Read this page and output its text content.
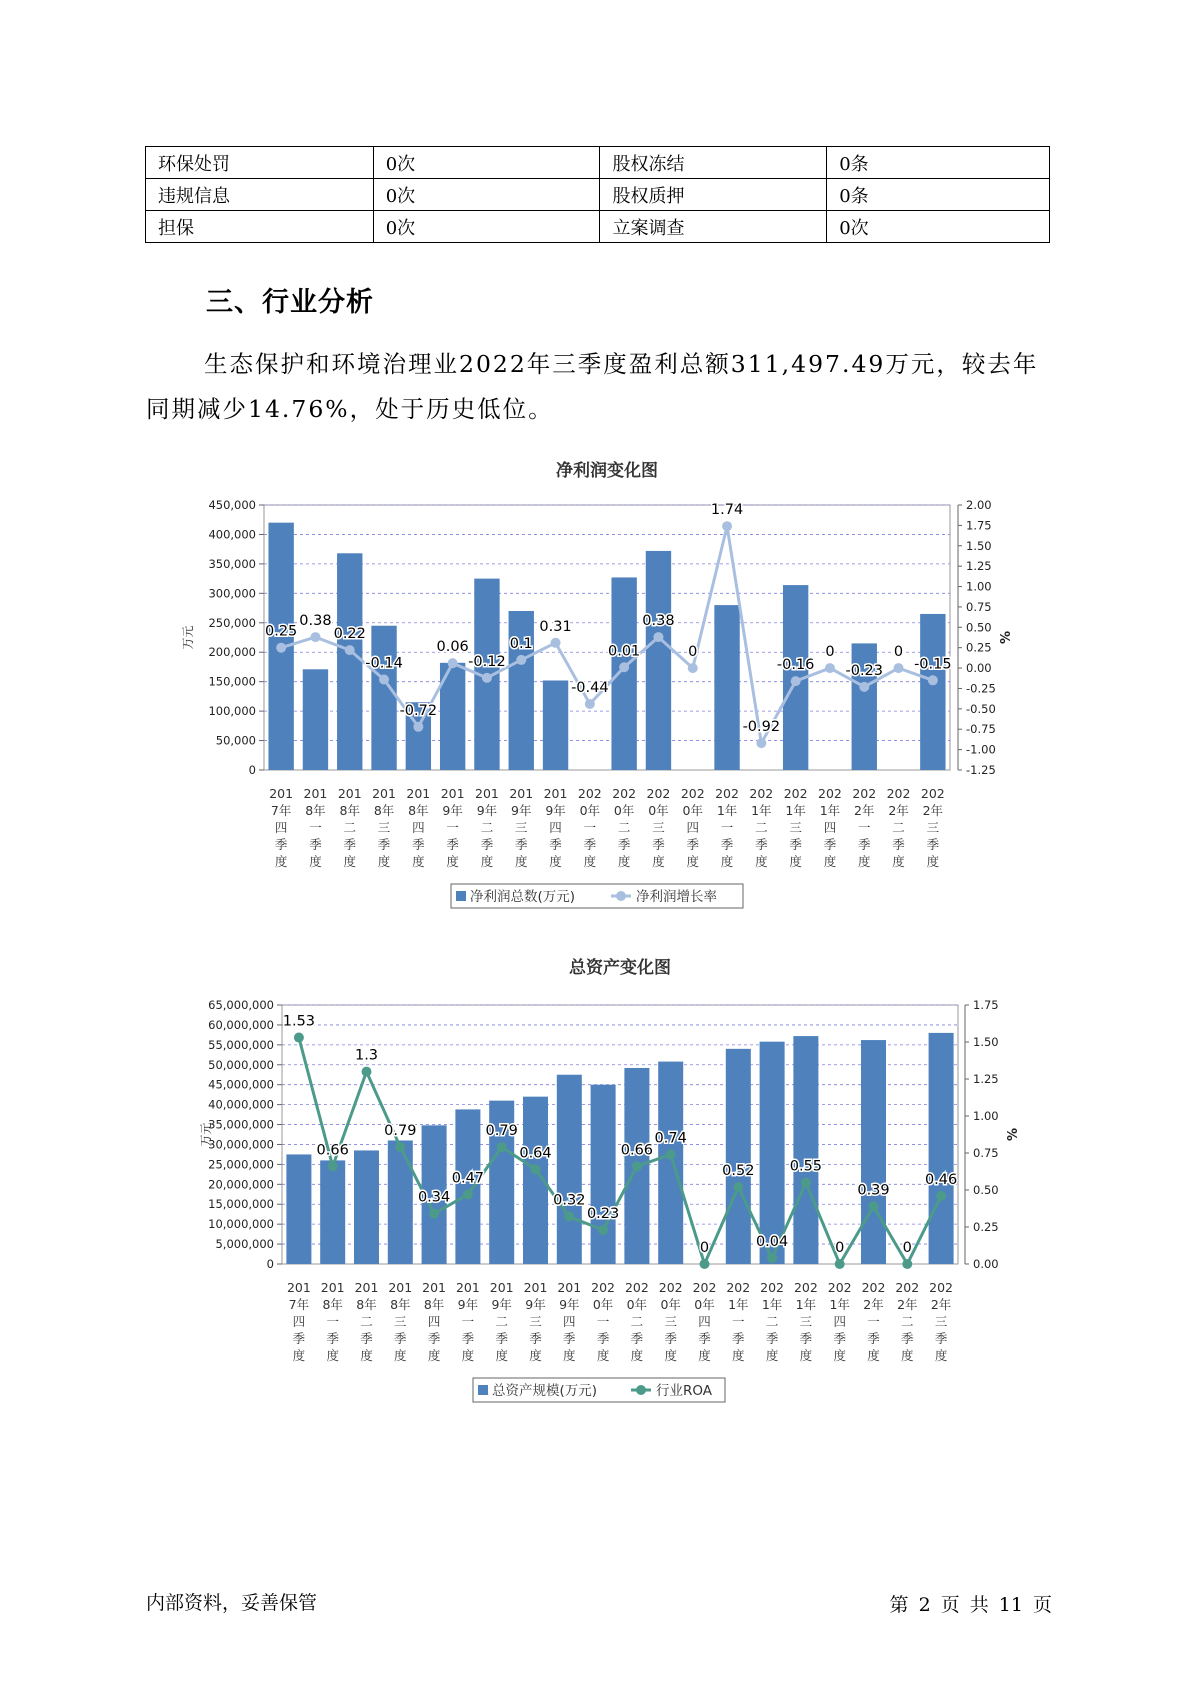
环保处罚	0次	股权冻结	0条
违规信息	0次	股权质押	0条
担保	0次	立案调查	0次
三、行业分析

生态保护和环境治理业2022年三季度盈利总额311,497.49万元，较去年同期减少14.76%，处于历史低位。

净利润变化图
0
50,000
100,000
150,000
200,000
250,000
300,000
350,000
400,000
450,000
-1.25
-1.00
-0.75
-0.50
-0.25
0.00
0.25
0.50
0.75
1.00
1.25
1.50
1.75
2.00
万元	%
201 7年四季度
201 8年一季度
201 8年二季度
201 8年三季度
201 8年四季度
201 9年一季度
201 9年二季度
201 9年三季度
201 9年四季度
202 0年一季度
202 0年二季度
202 0年三季度
202 0年四季度
202 1年一季度
202 1年二季度
202 1年三季度
202 1年四季度
202 2年一季度
202 2年二季度
202 2年三季度
0.25
0.38
0.22
-0.14
-0.72
0.06
-0.12
0.1
0.31
-0.44
0.01
0.38
0
1.74
-0.92
-0.16
0
-0.23
0
-0.15
净利润总数(万元)	净利润增长率
总资产变化图
0
5,000,000
10,000,000
15,000,000
20,000,000
25,000,000
30,000,000
35,000,000
40,000,000
45,000,000
50,000,000
55,000,000
60,000,000
65,000,000
0.00
0.25
0.50
0.75
1.00
1.25
1.50
1.75
万元	%
201 7年四季度
201 8年一季度
201 8年二季度
201 8年三季度
201 8年四季度
201 9年一季度
201 9年二季度
201 9年三季度
201 9年四季度
202 0年一季度
202 0年二季度
202 0年三季度
202 0年四季度
202 1年一季度
202 1年二季度
202 1年三季度
202 1年四季度
202 2年一季度
202 2年二季度
202 2年三季度
1.53
0.66
1.3
0.79
0.34
0.47
0.79
0.64
0.32
0.23
0.66
0.74
0
0.52
0.04
0.55
0
0.39
0
0.46
总资产规模(万元)	行业ROA
内部资料，妥善保管	第 2 页 共 11 页
